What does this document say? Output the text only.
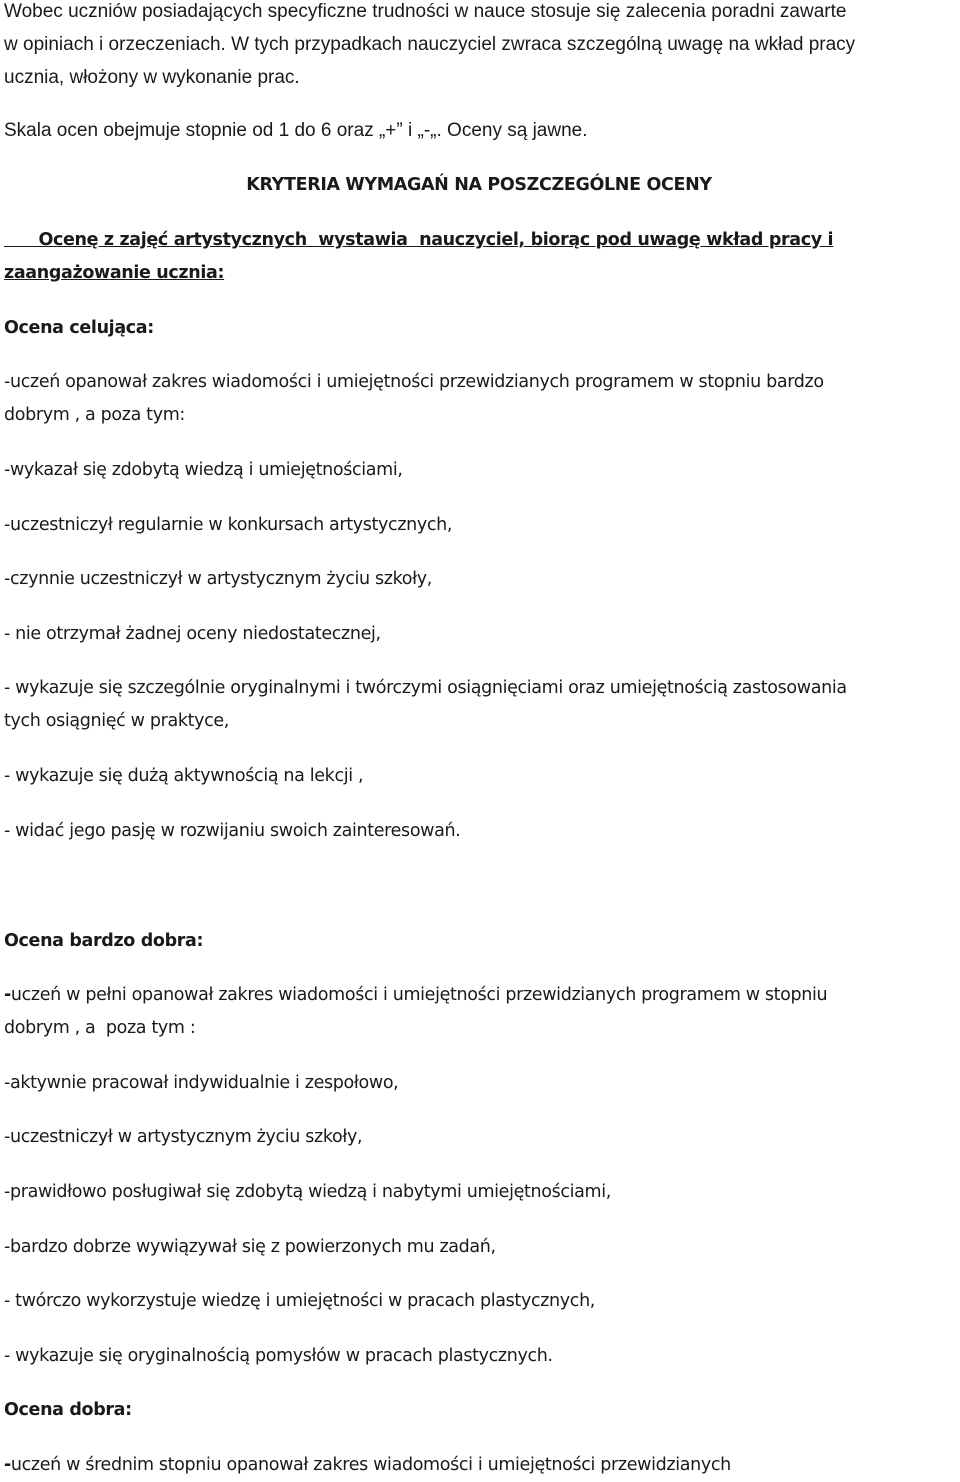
Wobec uczniów posiadających specyficzne trudności w nauce stosuje się zalecenia poradni zawarte
w opiniach i orzeczeniach. W tych przypadkach nauczyciel zwraca szczególną uwagę na wkład pracy
ucznia, włożony w wykonanie prac.
Skala ocen obejmuje stopnie od 1 do 6 oraz „+” i „-„. Oceny są jawne.
KRYTERIA WYMAGAŃ NA POSZCZEGÓLNE OCENY
Ocenę z zajęć artystycznych  wystawia  nauczyciel, biorąc pod uwagę wkład pracy i
zaangażowanie ucznia:
Ocena celująca:
-uczeń opanował zakres wiadomości i umiejętności przewidzianych programem w stopniu bardzo
dobrym , a poza tym:
-wykazał się zdobytą wiedzą i umiejętnościami,
-uczestniczył regularnie w konkursach artystycznych,
-czynnie uczestniczył w artystycznym życiu szkoły,
- nie otrzymał żadnej oceny niedostatecznej,
- wykazuje się szczególnie oryginalnymi i twórczymi osiągnięciami oraz umiejętnością zastosowania
tych osiągnięć w praktyce,
- wykazuje się dużą aktywnością na lekcji ,
- widać jego pasję w rozwijaniu swoich zainteresowań.
Ocena bardzo dobra:
-uczeń w pełni opanował zakres wiadomości i umiejętności przewidzianych programem w stopniu
dobrym , a  poza tym :
-aktywnie pracował indywidualnie i zespołowo,
-uczestniczył w artystycznym życiu szkoły,
-prawidłowo posługiwał się zdobytą wiedzą i nabytymi umiejętnościami,
-bardzo dobrze wywiązywał się z powierzonych mu zadań,
- twórczo wykorzystuje wiedzę i umiejętności w pracach plastycznych,
- wykazuje się oryginalnością pomysłów w pracach plastycznych.
Ocena dobra:
-uczeń w średnim stopniu opanował zakres wiadomości i umiejętności przewidzianych
